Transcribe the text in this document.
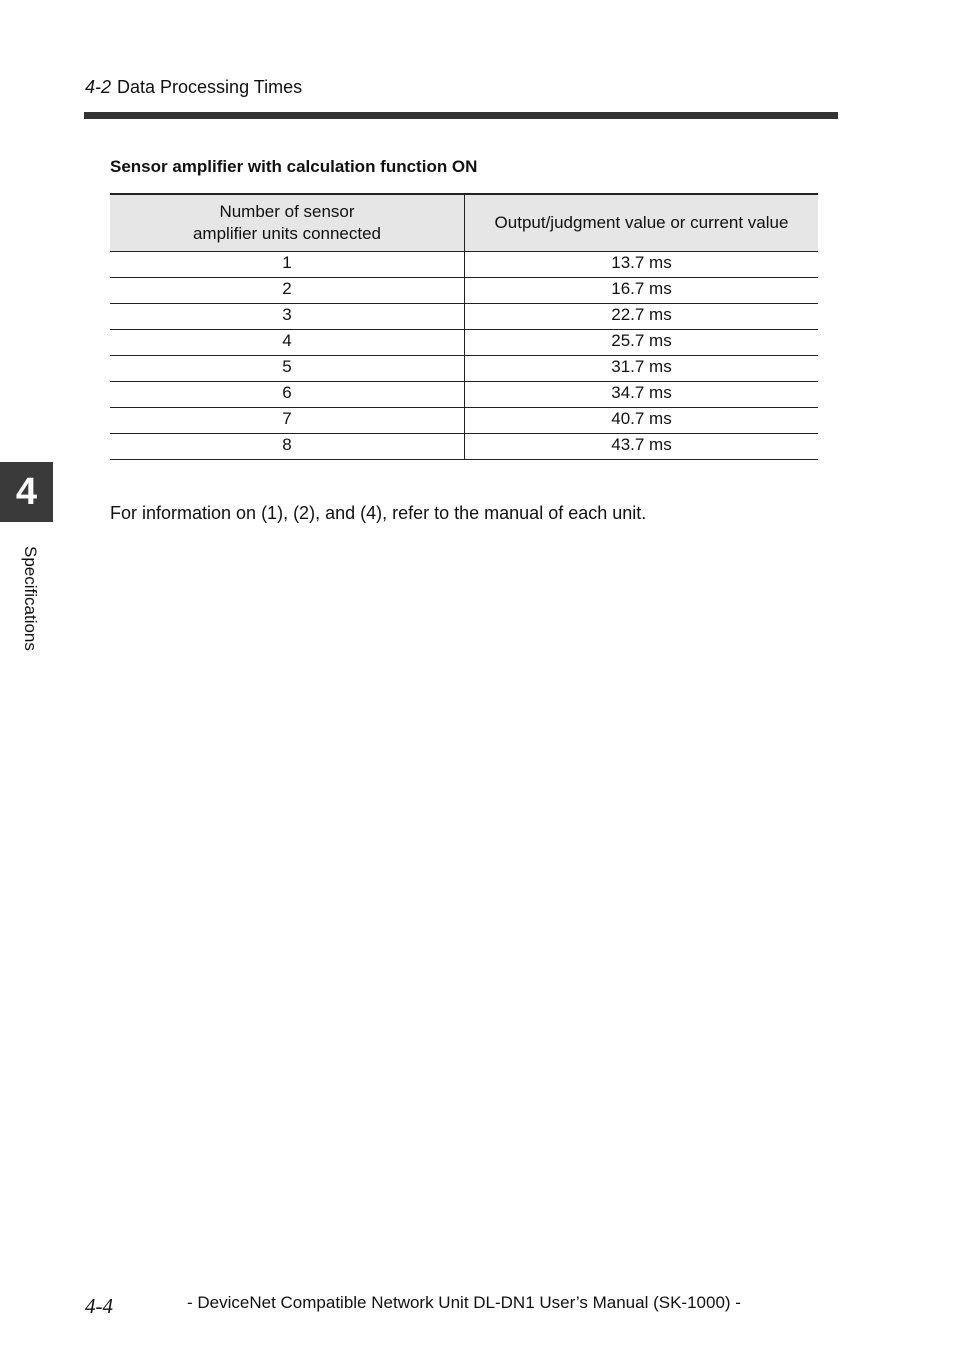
4-2 Data Processing Times
Sensor amplifier with calculation function ON
Number of sensor
amplifier units connected	Output/judgment value or current value
1	13.7 ms
2	16.7 ms
3	22.7 ms
4	25.7 ms
5	31.7 ms
6	34.7 ms
7	40.7 ms
8	43.7 ms
For information on (1), (2), and (4), refer to the manual of each unit.
4
Specifications
4-4	- DeviceNet Compatible Network Unit DL-DN1 User’s Manual (SK-1000) -
